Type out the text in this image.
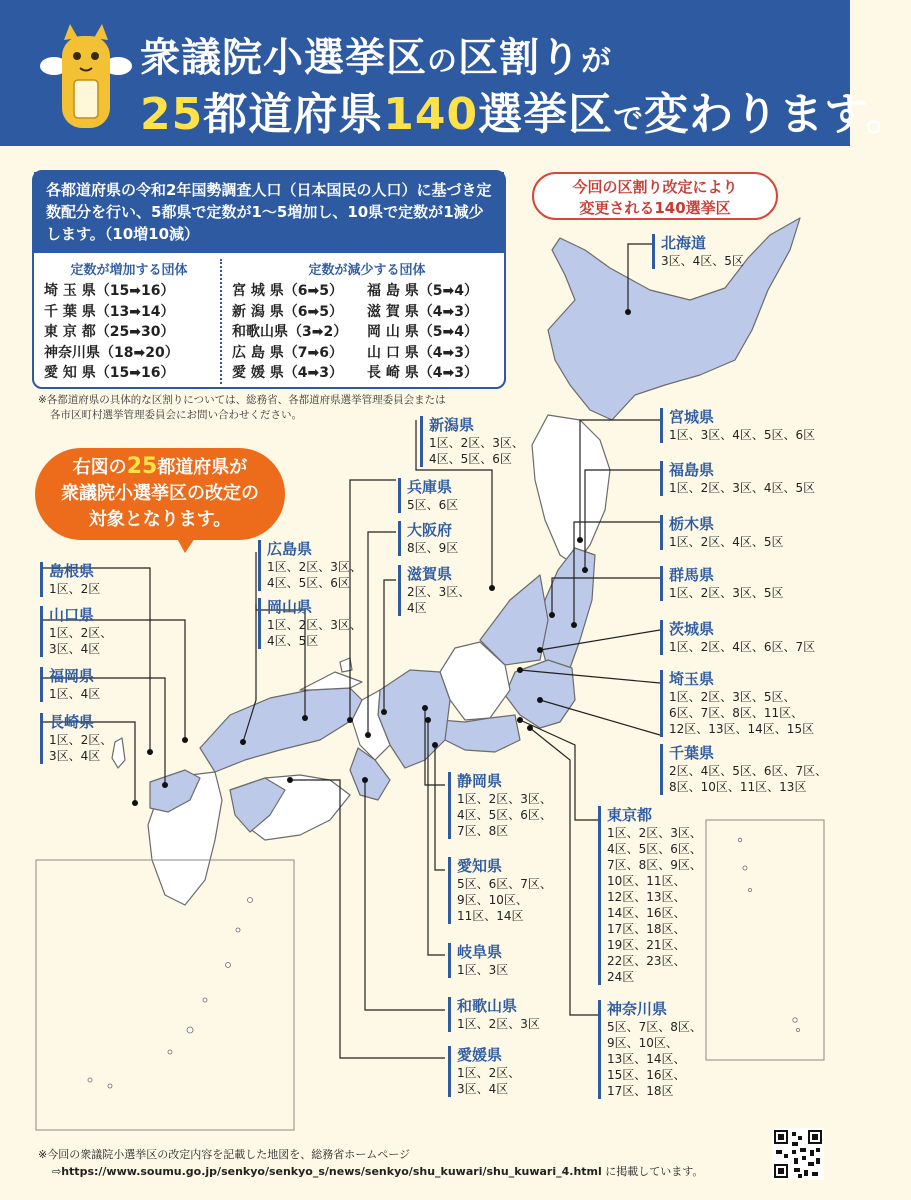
衆議院小選挙区の区割りが
25都道府県140選挙区で変わります。
各都道府県の令和2年国勢調査人口（日本国民の人口）に基づき定数配分を行い、5都県で定数が1～5増加し、10県で定数が1減少します。（10増10減）
定数が増加する団体
埼 玉 県（15➡16）
千 葉 県（13➡14）
東 京 都（25➡30）
神奈川県（18➡20）
愛 知 県（15➡16）
定数が減少する団体
宮 城 県（6➡5）	福 島 県（5➡4）
新 潟 県（6➡5）	滋 賀 県（4➡3）
和歌山県（3➡2）	岡 山 県（5➡4）
広 島 県（7➡6）	山 口 県（4➡3）
愛 媛 県（4➡3）	長 崎 県（4➡3）
※各都道府県の具体的な区割りについては、総務省、各都道府県選挙管理委員会または
各市区町村選挙管理委員会にお問い合わせください。
今回の区割り改定により
変更される140選挙区
右図の25都道府県が
衆議院小選挙区の改定の
対象となります。
北海道
3区、4区、5区
宮城県
1区、3区、4区、5区、6区
福島県
1区、2区、3区、4区、5区
栃木県
1区、2区、4区、5区
群馬県
1区、2区、3区、5区
茨城県
1区、2区、4区、6区、7区
埼玉県
1区、2区、3区、5区、
6区、7区、8区、11区、
12区、13区、14区、15区
千葉県
2区、4区、5区、6区、7区、
8区、10区、11区、13区
東京都
1区、2区、3区、
4区、5区、6区、
7区、8区、9区、
10区、11区、
12区、13区、
14区、16区、
17区、18区、
19区、21区、
22区、23区、
24区
神奈川県
5区、7区、8区、
9区、10区、
13区、14区、
15区、16区、
17区、18区
新潟県
1区、2区、3区、
4区、5区、6区
兵庫県
5区、6区
大阪府
8区、9区
滋賀県
2区、3区、
4区
広島県
1区、2区、3区、
4区、5区、6区
岡山県
1区、2区、3区、
4区、5区
島根県
1区、2区
山口県
1区、2区、
3区、4区
福岡県
1区、4区
長崎県
1区、2区、
3区、4区
静岡県
1区、2区、3区、
4区、5区、6区、
7区、8区
愛知県
5区、6区、7区、
9区、10区、
11区、14区
岐阜県
1区、3区
和歌山県
1区、2区、3区
愛媛県
1区、2区、
3区、4区
※今回の衆議院小選挙区の改定内容を記載した地図を、総務省ホームページ
⇨https://www.soumu.go.jp/senkyo/senkyo_s/news/senkyo/shu_kuwari/shu_kuwari_4.html に掲載しています。
